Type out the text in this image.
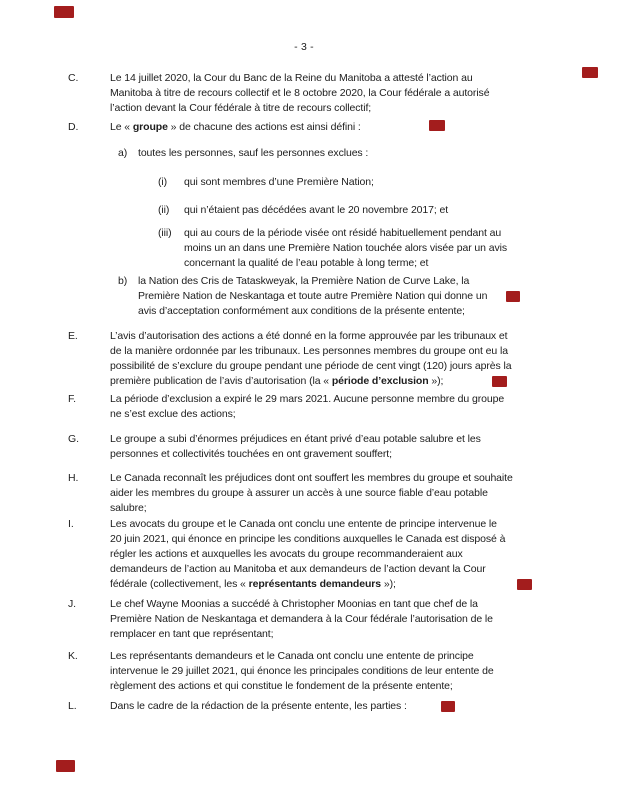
- 3 -
C.	Le 14 juillet 2020, la Cour du Banc de la Reine du Manitoba a attesté l’action au
Manitoba à titre de recours collectif et le 8 octobre 2020, la Cour fédérale a autorisé
l’action devant la Cour fédérale à titre de recours collectif;
D.	Le « groupe » de chacune des actions est ainsi défini :
a) toutes les personnes, sauf les personnes exclues :
(i) qui sont membres d’une Première Nation;
(ii) qui n’étaient pas décédées avant le 20 novembre 2017; et
(iii) qui au cours de la période visée ont résidé habituellement pendant au
moins un an dans une Première Nation touchée alors visée par un avis
concernant la qualité de l’eau potable à long terme; et
b) la Nation des Cris de Tataskweyak, la Première Nation de Curve Lake, la
Première Nation de Neskantaga et toute autre Première Nation qui donne un
avis d’acceptation conformément aux conditions de la présente entente;
E.	L’avis d’autorisation des actions a été donné en la forme approuvée par les tribunaux et
de la manière ordonnée par les tribunaux. Les personnes membres du groupe ont eu la
possibilité de s’exclure du groupe pendant une période de cent vingt (120) jours après la
première publication de l’avis d’autorisation (la « période d’exclusion »);
F.	La période d’exclusion a expiré le 29 mars 2021. Aucune personne membre du groupe
ne s’est exclue des actions;
G.	Le groupe a subi d’énormes préjudices en étant privé d’eau potable salubre et les
personnes et collectivités touchées en ont gravement souffert;
H.	Le Canada reconnaît les préjudices dont ont souffert les membres du groupe et souhaite
aider les membres du groupe à assurer un accès à une source fiable d’eau potable
salubre;
I.	Les avocats du groupe et le Canada ont conclu une entente de principe intervenue le
20 juin 2021, qui énonce en principe les conditions auxquelles le Canada est disposé à
régler les actions et auxquelles les avocats du groupe recommanderaient aux
demandeurs de l’action au Manitoba et aux demandeurs de l’action devant la Cour
fédérale (collectivement, les « représentants demandeurs »);
J.	Le chef Wayne Moonias a succédé à Christopher Moonias en tant que chef de la
Première Nation de Neskantaga et demandera à la Cour fédérale l’autorisation de le
remplacer en tant que représentant;
K.	Les représentants demandeurs et le Canada ont conclu une entente de principe
intervenue le 29 juillet 2021, qui énonce les principales conditions de leur entente de
règlement des actions et qui constitue le fondement de la présente entente;
L.	Dans le cadre de la rédaction de la présente entente, les parties :
